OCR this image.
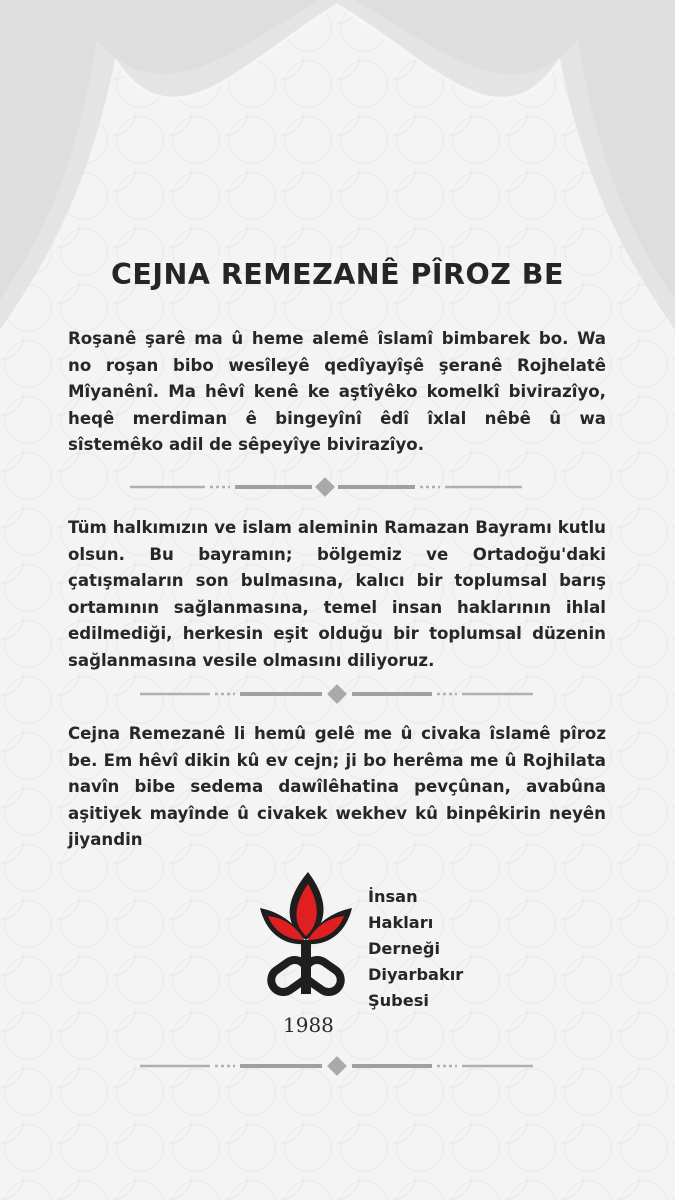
CEJNA REMEZANÊ PÎROZ BE
Roşanê şarê ma û heme alemê îslamî bimbarek bo. Wa no roşan bibo wesîleyê qedîyayîşê şeranê Rojhelatê Mîyanênî. Ma hêvî kenê ke aştîyêko komelkî bivirazîyo, heqê merdiman ê bingeyînî êdî îxlal nêbê û wa sîstemêko adil de sêpeyîye bivirazîyo.
Tüm halkımızın ve islam aleminin Ramazan Bayramı kutlu olsun. Bu bayramın; bölgemiz ve Ortadoğu'daki çatışmaların son bulmasına, kalıcı bir toplumsal barış ortamının sağlanmasına, temel insan haklarının ihlal edilmediği, herkesin eşit olduğu bir toplumsal düzenin sağlanmasına vesile olmasını diliyoruz.
Cejna Remezanê li hemû gelê me û civaka îslamê pîroz be. Em hêvî dikin kû ev cejn; ji bo herêma me û Rojhilata navîn bibe sedema dawîlêhatina pevçûnan, avabûna aşitiyek mayînde û civakek wekhev kû binpêkirin neyên jiyandin
1988
İnsan
Hakları
Derneği
Diyarbakır
Şubesi
